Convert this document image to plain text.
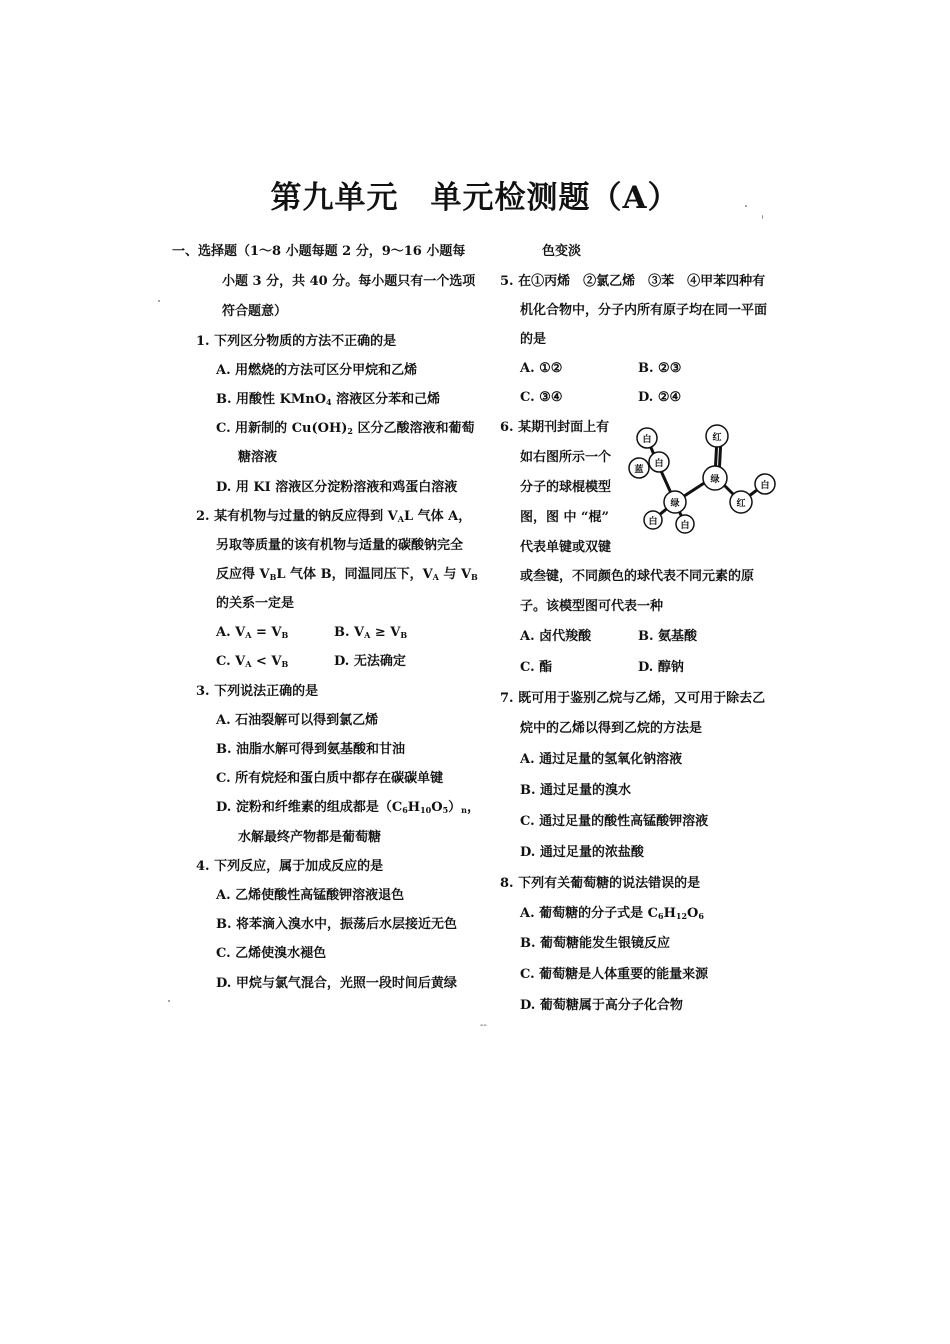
第九单元　单元检测题（A）
一、选择题（1～8 小题每题 2 分，9～16 小题每
小题 3 分，共 40 分。每小题只有一个选项
符合题意）
1. 下列区分物质的方法不正确的是
A. 用燃烧的方法可区分甲烷和乙烯
B. 用酸性 KMnO$_4$ 溶液区分苯和己烯
C. 用新制的 $Cu(OH)_2$ 区分乙酸溶液和葡萄
糖溶液
D. 用 KI 溶液区分淀粉溶液和鸡蛋白溶液
2. 某有机物与过量的钠反应得到 $V_AL$ 气体 A，
另取等质量的该有机物与适量的碳酸钠完全
反应得 $V_BL$ 气体 B，同温同压下，$V_A$ 与 $V_B$
的关系一定是
A. $V_A = V_B$	B. $V_A \ge V_B$
C. $V_A < V_B$	D. 无法确定
3. 下列说法正确的是
A. 石油裂解可以得到氯乙烯
B. 油脂水解可得到氨基酸和甘油
C. 所有烷烃和蛋白质中都存在碳碳单键
D. 淀粉和纤维素的组成都是$(C_6H_{10}O_5)_n$，
水解最终产物都是葡萄糖
4. 下列反应，属于加成反应的是
A. 乙烯使酸性高锰酸钾溶液退色
B. 将苯滴入溴水中，振荡后水层接近无色
C. 乙烯使溴水褪色
D. 甲烷与氯气混合，光照一段时间后黄绿
色变淡
5. 在①丙烯　②氯乙烯　③苯　④甲苯四种有
机化合物中，分子内所有原子均在同一平面
的是
A. ①②	B. ②③
C. ③④	D. ②④
6. 某期刊封面上有
如右图所示一个
分子的球棍模型
图，图 中 “棍”
代表单键或双键
或叁键，不同颜色的球代表不同元素的原
子。该模型图可代表一种
A. 卤代羧酸	B. 氨基酸
C. 酯	D. 醇钠
7. 既可用于鉴别乙烷与乙烯，又可用于除去乙
烷中的乙烯以得到乙烷的方法是
A. 通过足量的氢氧化钠溶液
B. 通过足量的溴水
C. 通过足量的酸性高锰酸钾溶液
D. 通过足量的浓盐酸
8. 下列有关葡萄糖的说法错误的是
A. 葡萄糖的分子式是 $C_6H_{12}O_6$
B. 葡萄糖能发生银镜反应
C. 葡萄糖是人体重要的能量来源
D. 葡萄糖属于高分子化合物
白	红
蓝
白
绿
白
绿	红
白	白
--
